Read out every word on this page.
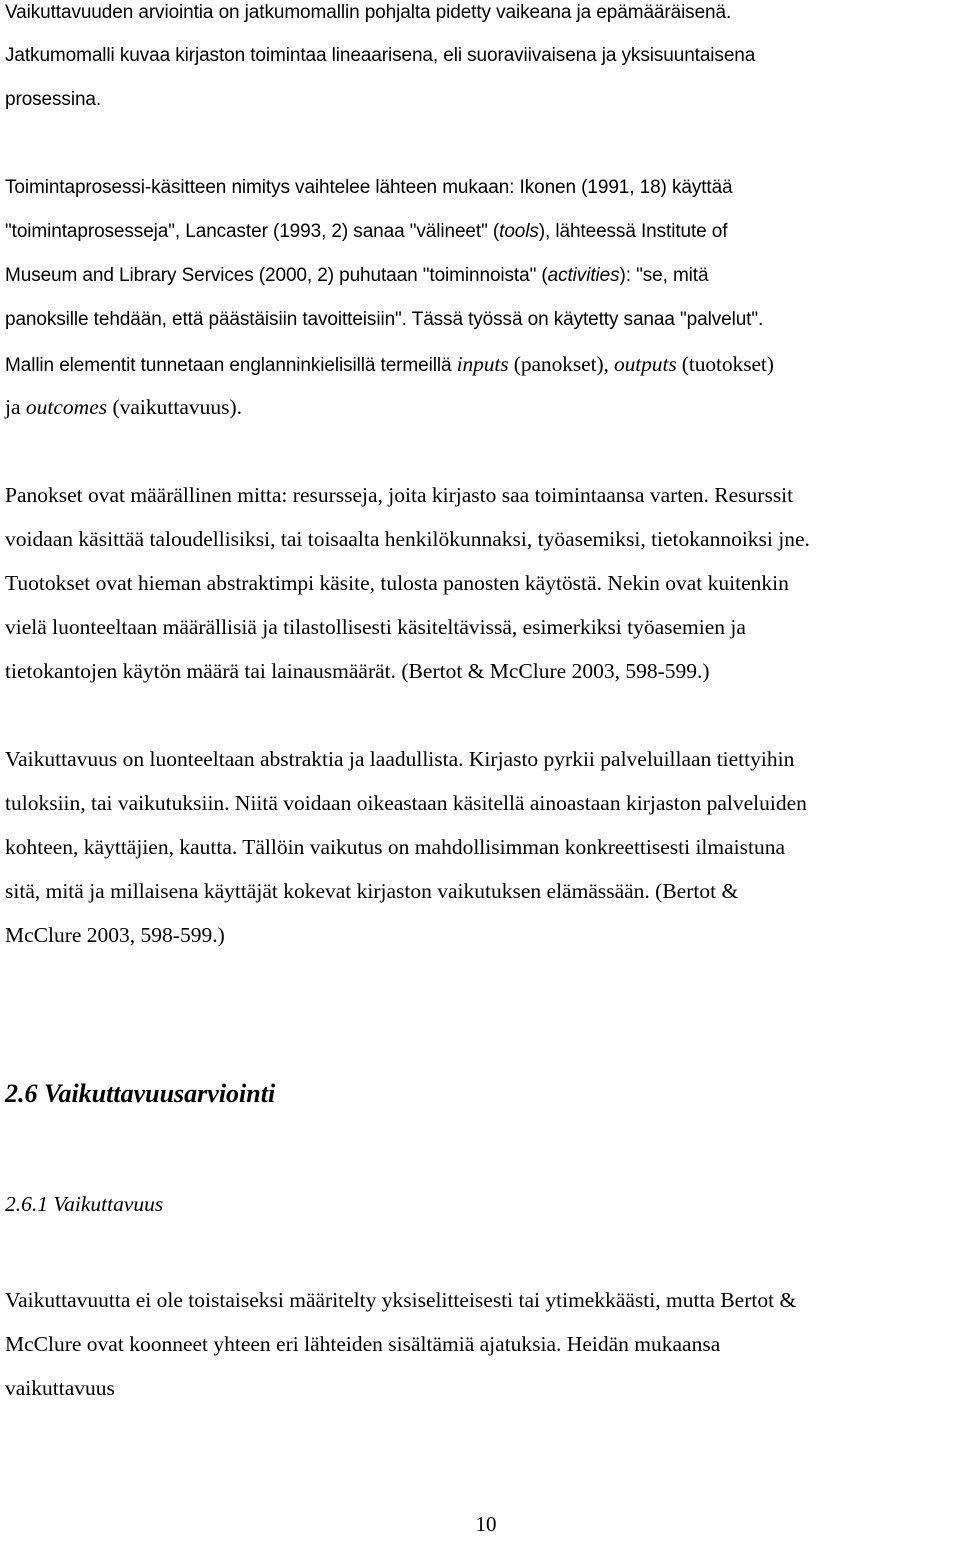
Vaikuttavuuden arviointia on jatkumomallin pohjalta pidetty vaikeana ja epämääräisenä.
Jatkumomalli kuvaa kirjaston toimintaa lineaarisena, eli suoraviivaisena ja yksisuuntaisena
prosessina.
Toimintaprosessi-käsitteen nimitys vaihtelee lähteen mukaan: Ikonen (1991, 18) käyttää
"toimintaprosesseja", Lancaster (1993, 2) sanaa "välineet" (tools), lähteessä Institute of
Museum and Library Services (2000, 2) puhutaan "toiminnoista" (activities): "se, mitä
panoksille tehdään, että päästäisiin tavoitteisiin". Tässä työssä on käytetty sanaa "palvelut".
Mallin elementit tunnetaan englanninkielisillä termeillä inputs (panokset), outputs (tuotokset)
ja outcomes (vaikuttavuus).
Panokset ovat määrällinen mitta: resursseja, joita kirjasto saa toimintaansa varten. Resurssit
voidaan käsittää taloudellisiksi, tai toisaalta henkilökunnaksi, työasemiksi, tietokannoiksi jne.
Tuotokset ovat hieman abstraktimpi käsite, tulosta panosten käytöstä. Nekin ovat kuitenkin
vielä luonteeltaan määrällisiä ja tilastollisesti käsiteltävissä, esimerkiksi työasemien ja
tietokantojen käytön määrä tai lainausmäärät. (Bertot & McClure 2003, 598-599.)
Vaikuttavuus on luonteeltaan abstraktia ja laadullista. Kirjasto pyrkii palveluillaan tiettyihin
tuloksiin, tai vaikutuksiin. Niitä voidaan oikeastaan käsitellä ainoastaan kirjaston palveluiden
kohteen, käyttäjien, kautta. Tällöin vaikutus on mahdollisimman konkreettisesti ilmaistuna
sitä, mitä ja millaisena käyttäjät kokevat kirjaston vaikutuksen elämässään. (Bertot &
McClure 2003, 598-599.)
2.6 Vaikuttavuusarviointi
2.6.1 Vaikuttavuus
Vaikuttavuutta ei ole toistaiseksi määritelty yksiselitteisesti tai ytimekkäästi, mutta Bertot &
McClure ovat koonneet yhteen eri lähteiden sisältämiä ajatuksia. Heidän mukaansa
vaikuttavuus
10
